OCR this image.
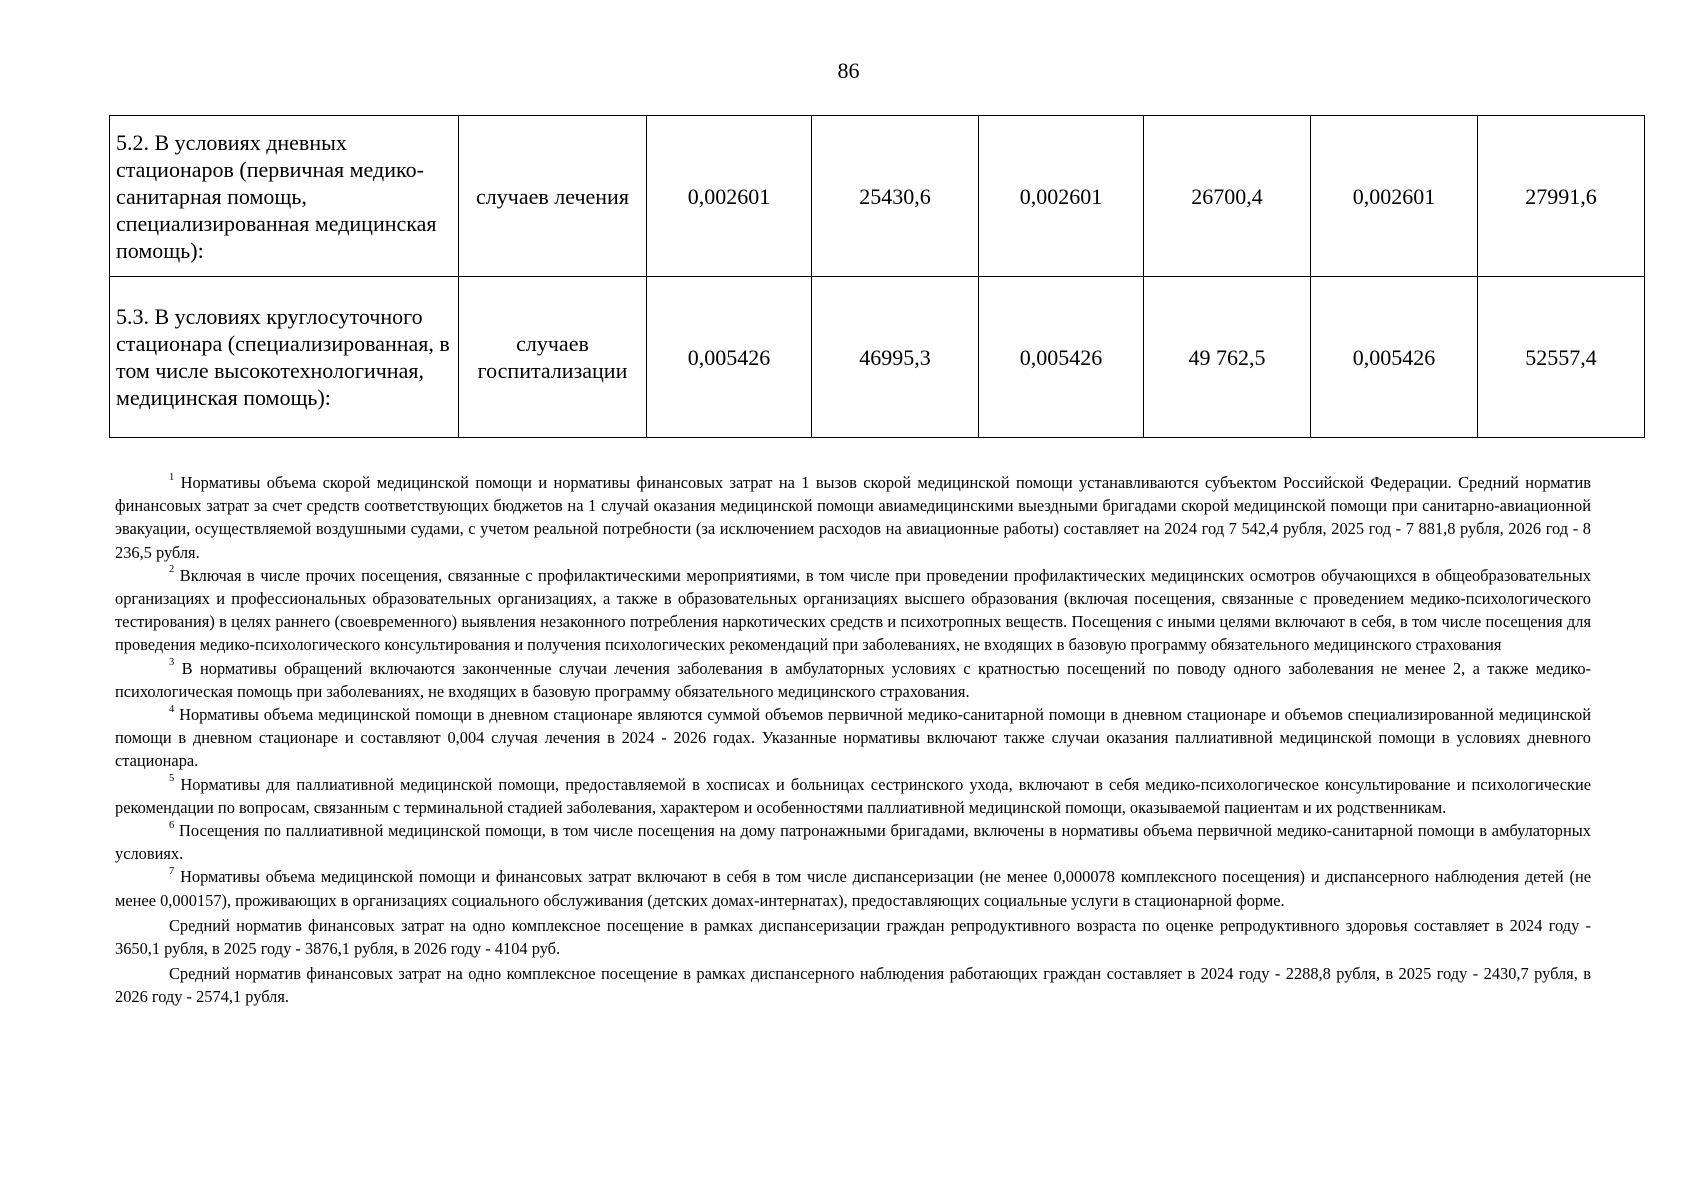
86
5.2. В условиях дневных стационаров (первичная медико-санитарная помощь, специализированная медицинская помощь):	случаев лечения	0,002601	25430,6	0,002601	26700,4	0,002601	27991,6
5.3. В условиях круглосуточного стационара (специализированная, в том числе высокотехнологичная, медицинская помощь):	случаев госпитализации	0,005426	46995,3	0,005426	49 762,5	0,005426	52557,4

$^1$ Нормативы объема скорой медицинской помощи и нормативы финансовых затрат на 1 вызов скорой медицинской помощи устанавливаются субъектом Российской Федерации. Средний норматив финансовых затрат за счет средств соответствующих бюджетов на 1 случай оказания медицинской помощи авиамедицинскими выездными бригадами скорой медицинской помощи при санитарно-авиационной эвакуации, осуществляемой воздушными судами, с учетом реальной потребности (за исключением расходов на авиационные работы) составляет на 2024 год 7 542,4 рубля, 2025 год - 7 881,8 рубля, 2026 год - 8 236,5 рубля.

$^2$ Включая в числе прочих посещения, связанные с профилактическими мероприятиями, в том числе при проведении профилактических медицинских осмотров обучающихся в общеобразовательных организациях и профессиональных образовательных организациях, а также в образовательных организациях высшего образования (включая посещения, связанные с проведением медико-психологического тестирования) в целях раннего (своевременного) выявления незаконного потребления наркотических средств и психотропных веществ. Посещения с иными целями включают в себя, в том числе посещения для проведения медико-психологического консультирования и получения психологических рекомендаций при заболеваниях, не входящих в базовую программу обязательного медицинского страхования

$^3$ В нормативы обращений включаются законченные случаи лечения заболевания в амбулаторных условиях с кратностью посещений по поводу одного заболевания не менее 2, а также медико-психологическая помощь при заболеваниях, не входящих в базовую программу обязательного медицинского страхования.

$^4$ Нормативы объема медицинской помощи в дневном стационаре являются суммой объемов первичной медико-санитарной помощи в дневном стационаре и объемов специализированной медицинской помощи в дневном стационаре и составляют 0,004 случая лечения в 2024 - 2026 годах. Указанные нормативы включают также случаи оказания паллиативной медицинской помощи в условиях дневного стационара.

$^5$ Нормативы для паллиативной медицинской помощи, предоставляемой в хосписах и больницах сестринского ухода, включают в себя медико-психологическое консультирование и психологические рекомендации по вопросам, связанным с терминальной стадией заболевания, характером и особенностями паллиативной медицинской помощи, оказываемой пациентам и их родственникам.

$^6$ Посещения по паллиативной медицинской помощи, в том числе посещения на дому патронажными бригадами, включены в нормативы объема первичной медико-санитарной помощи в амбулаторных условиях.

$^7$ Нормативы объема медицинской помощи и финансовых затрат включают в себя в том числе диспансеризации (не менее 0,000078 комплексного посещения) и диспансерного наблюдения детей (не менее 0,000157), проживающих в организациях социального обслуживания (детских домах-интернатах), предоставляющих социальные услуги в стационарной форме.

Средний норматив финансовых затрат на одно комплексное посещение в рамках диспансеризации граждан репродуктивного возраста по оценке репродуктивного здоровья составляет в 2024 году - 3650,1 рубля, в 2025 году - 3876,1 рубля, в 2026 году - 4104 руб.

Средний норматив финансовых затрат на одно комплексное посещение в рамках диспансерного наблюдения работающих граждан составляет в 2024 году - 2288,8 рубля, в 2025 году - 2430,7 рубля, в 2026 году - 2574,1 рубля.
